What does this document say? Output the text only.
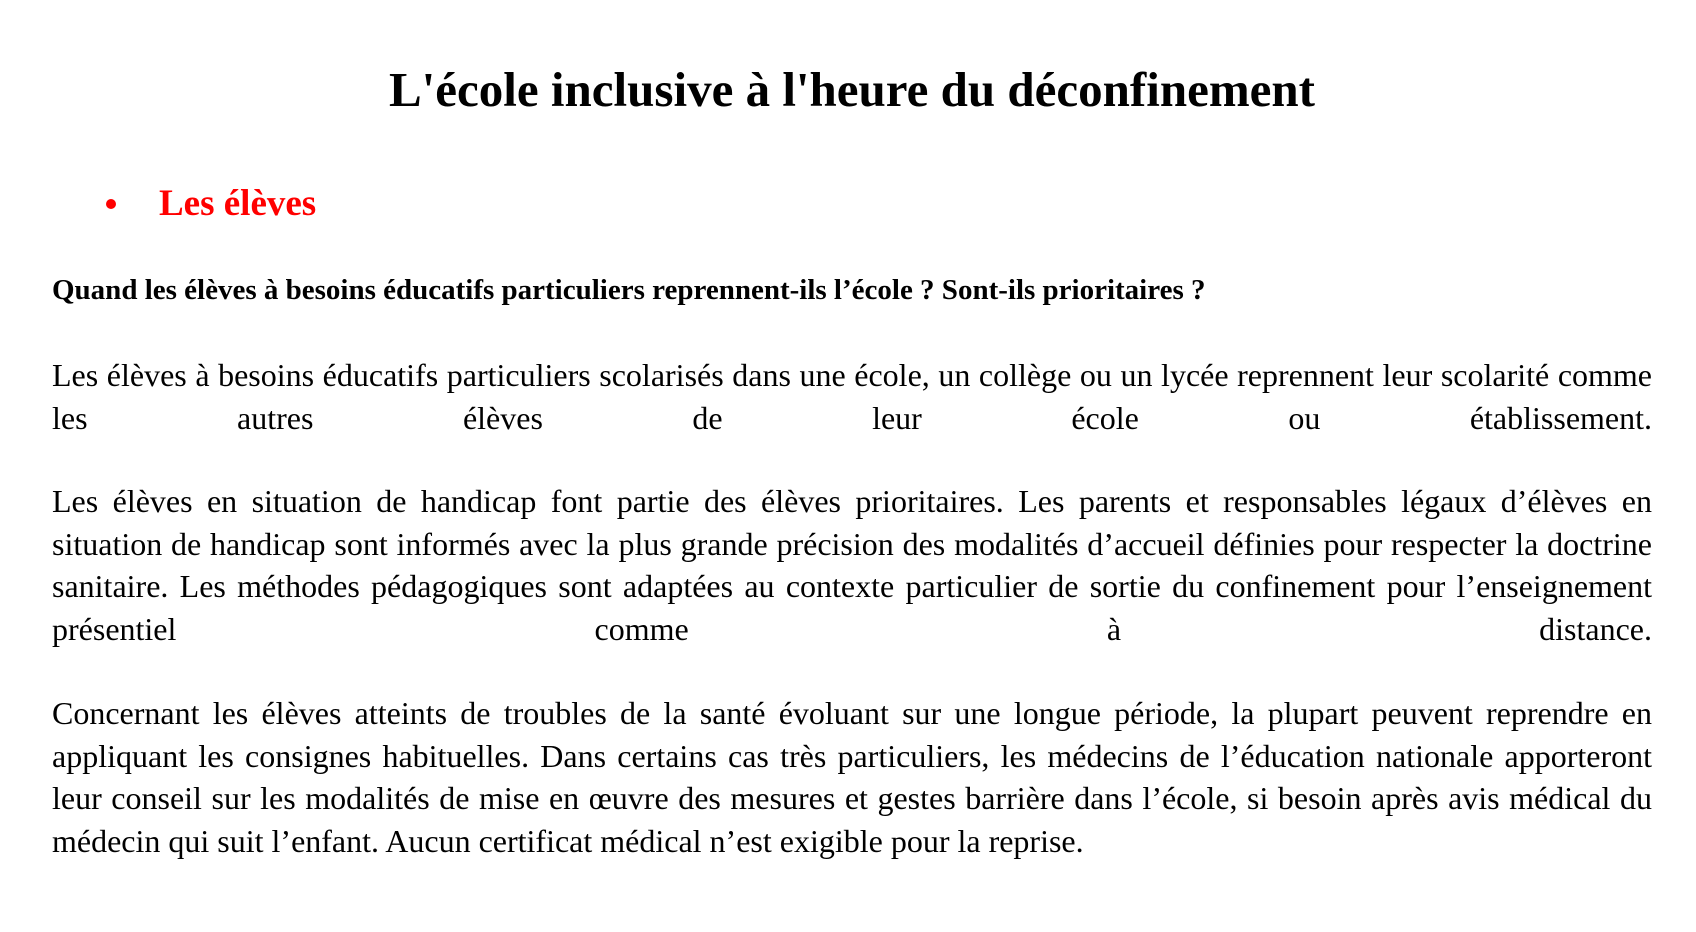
L'école inclusive à l'heure du déconfinement
Les élèves

Quand les élèves à besoins éducatifs particuliers reprennent-ils l’école ? Sont-ils prioritaires ?

Les élèves à besoins éducatifs particuliers scolarisés dans une école, un collège ou un lycée reprennent leur scolarité comme les autres élèves de leur école ou établissement.

Les élèves en situation de handicap font partie des élèves prioritaires. Les parents et responsables légaux d’élèves en situation de handicap sont informés avec la plus grande précision des modalités d’accueil définies pour respecter la doctrine sanitaire. Les méthodes pédagogiques sont adaptées au contexte particulier de sortie du confinement pour l’enseignement présentiel comme à distance.

Concernant les élèves atteints de troubles de la santé évoluant sur une longue période, la plupart peuvent reprendre en appliquant les consignes habituelles. Dans certains cas très particuliers, les médecins de l’éducation nationale apporteront leur conseil sur les modalités de mise en œuvre des mesures et gestes barrière dans l’école, si besoin après avis médical du médecin qui suit l’enfant. Aucun certificat médical n’est exigible pour la reprise.
